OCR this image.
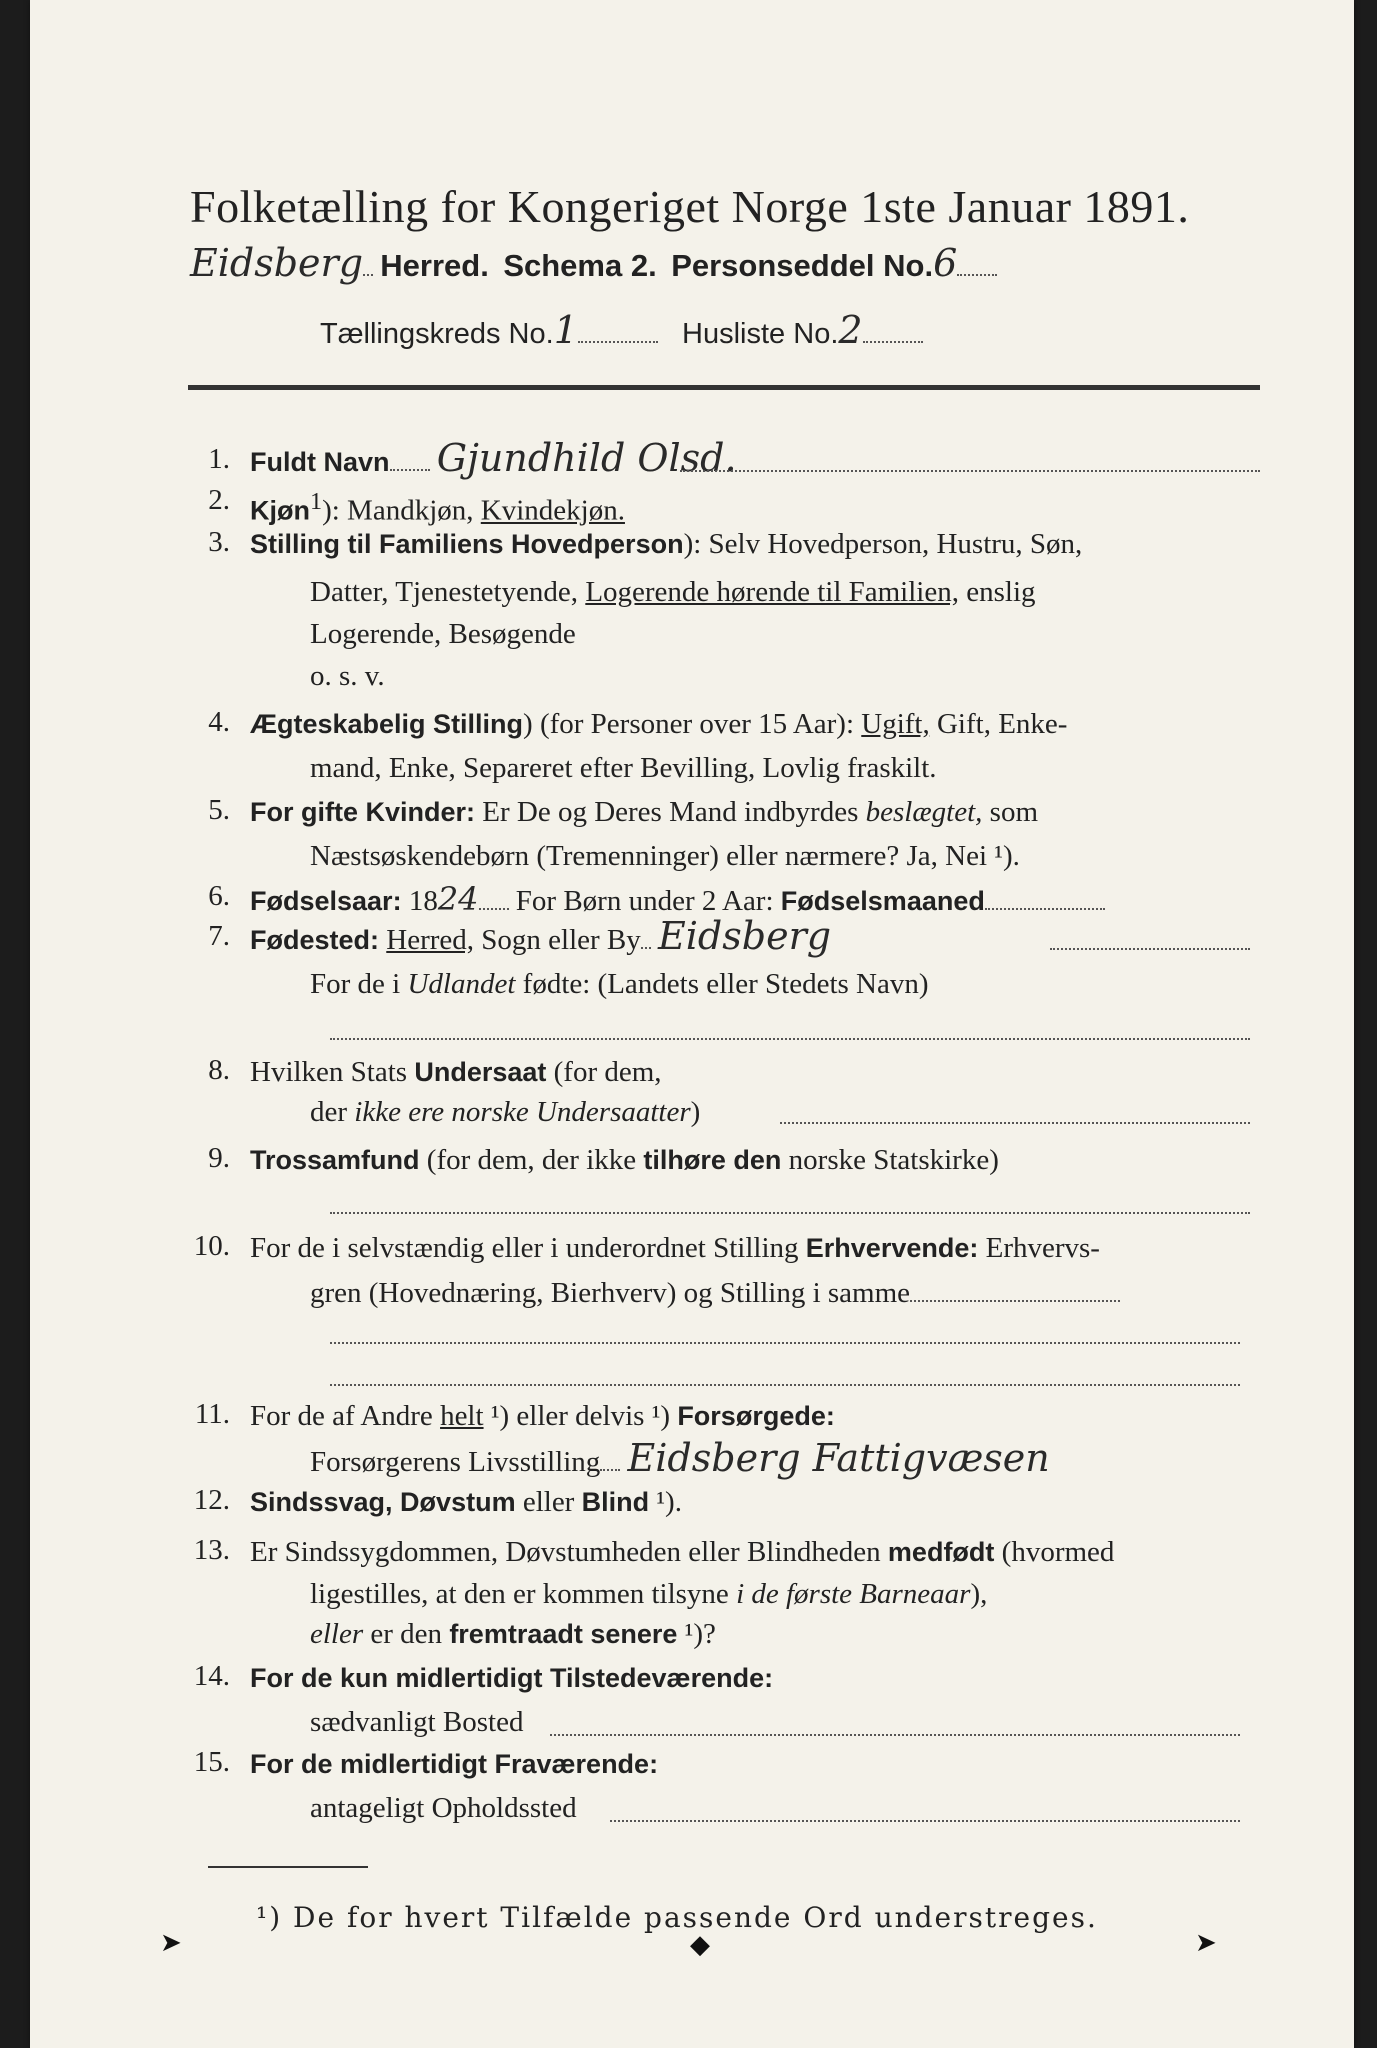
Folketælling for Kongeriget Norge 1ste Januar 1891.
Eidsberg Herred. Schema 2. Personseddel No.6
Tællingskreds No.1	Husliste No.2
1. Fuldt Navn Gjundhild Olsd.
2. Kjøn$^1$): Mandkjøn, Kvindekjøn.
3. Stilling til Familiens Hovedperson): Selv Hovedperson, Hustru, Søn,
Datter, Tjenestetyende, Logerende hørende til Familien, enslig
Logerende, Besøgende
o. s. v.
4. Ægteskabelig Stilling) (for Personer over 15 Aar): Ugift, Gift, Enke-
mand, Enke, Separeret efter Bevilling, Lovlig fraskilt.
5. For gifte Kvinder: Er De og Deres Mand indbyrdes beslægtet, som
Næstsøskendebørn (Tremenninger) eller nærmere? Ja, Nei ¹).
6. Fødselsaar: 1824 For Børn under 2 Aar: Fødselsmaaned
7. Fødested: Herred, Sogn eller By Eidsberg
For de i Udlandet fødte: (Landets eller Stedets Navn)
8. Hvilken Stats Undersaat (for dem,
der ikke ere norske Undersaatter)
9. Trossamfund (for dem, der ikke tilhøre den norske Statskirke)
10. For de i selvstændig eller i underordnet Stilling Erhvervende: Erhvervs-
gren (Hovednæring, Bierhverv) og Stilling i samme
11. For de af Andre helt ¹) eller delvis ¹) Forsørgede:
Forsørgerens Livsstilling Eidsberg Fattigvæsen
12. Sindssvag, Døvstum eller Blind ¹).
13. Er Sindssygdommen, Døvstumheden eller Blindheden medfødt (hvormed
ligestilles, at den er kommen tilsyne i de første Barneaar),
eller er den fremtraadt senere ¹)?
14. For de kun midlertidigt Tilstedeværende:
sædvanligt Bosted
15. For de midlertidigt Fraværende:
antageligt Opholdssted
¹) De for hvert Tilfælde passende Ord understreges.
➤	◆	➤
